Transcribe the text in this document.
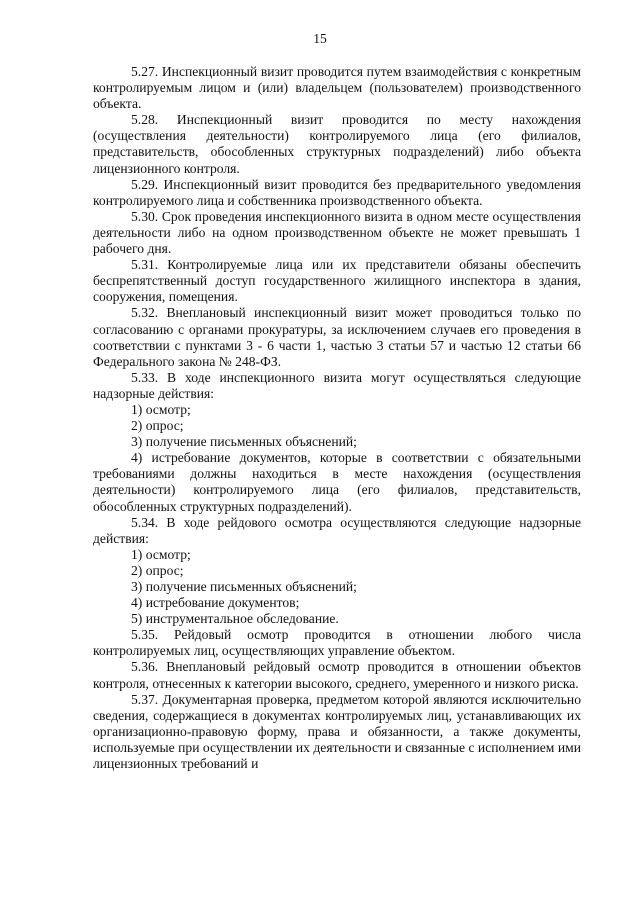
15

5.27. Инспекционный визит проводится путем взаимодействия с конкретным контролируемым лицом и (или) владельцем (пользователем) производственного объекта.

5.28. Инспекционный визит проводится по месту нахождения (осуществления деятельности) контролируемого лица (его филиалов, представительств, обособленных структурных подразделений) либо объекта лицензионного контроля.

5.29. Инспекционный визит проводится без предварительного уведомления контролируемого лица и собственника производственного объекта.

5.30. Срок проведения инспекционного визита в одном месте осуществления деятельности либо на одном производственном объекте не может превышать 1 рабочего дня.

5.31. Контролируемые лица или их представители обязаны обеспечить беспрепятственный доступ государственного жилищного инспектора в здания, сооружения, помещения.

5.32. Внеплановый инспекционный визит может проводиться только по согласованию с органами прокуратуры, за исключением случаев его проведения в соответствии с пунктами 3 - 6 части 1, частью 3 статьи 57 и частью 12 статьи 66 Федерального закона № 248-ФЗ.

5.33. В ходе инспекционного визита могут осуществляться следующие надзорные действия:

1) осмотр;

2) опрос;

3) получение письменных объяснений;

4) истребование документов, которые в соответствии с обязательными требованиями должны находиться в месте нахождения (осуществления деятельности) контролируемого лица (его филиалов, представительств, обособленных структурных подразделений).

5.34. В ходе рейдового осмотра осуществляются следующие надзорные действия:

1) осмотр;

2) опрос;

3) получение письменных объяснений;

4) истребование документов;

5) инструментальное обследование.

5.35. Рейдовый осмотр проводится в отношении любого числа контролируемых лиц, осуществляющих управление объектом.

5.36. Внеплановый рейдовый осмотр проводится в отношении объектов контроля, отнесенных к категории высокого, среднего, умеренного и низкого риска.

5.37. Документарная проверка, предметом которой являются исключительно сведения, содержащиеся в документах контролируемых лиц, устанавливающих их организационно-правовую форму, права и обязанности, а также документы, используемые при осуществлении их деятельности и связанные с исполнением ими лицензионных требований и
